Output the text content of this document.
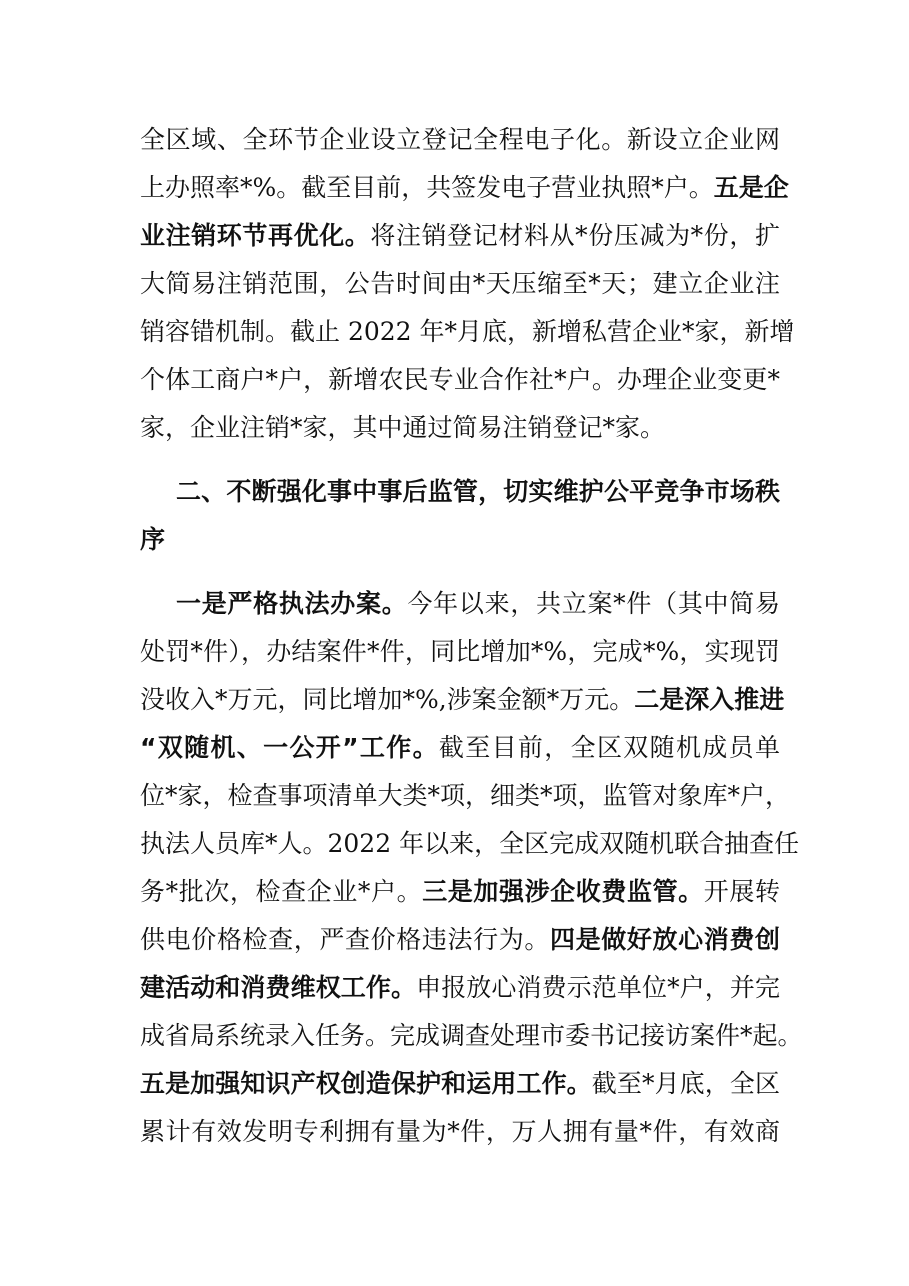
全区域、全环节企业设立登记全程电子化。新设立企业网
上办照率*%。截至目前，共签发电子营业执照*户。五是企
业注销环节再优化。将注销登记材料从*份压减为*份，扩
大简易注销范围，公告时间由*天压缩至*天；建立企业注
销容错机制。截止 2022 年*月底，新增私营企业*家，新增
个体工商户*户，新增农民专业合作社*户。办理企业变更*
家，企业注销*家，其中通过简易注销登记*家。
二、不断强化事中事后监管，切实维护公平竞争市场秩
序
一是严格执法办案。今年以来，共立案*件（其中简易
处罚*件），办结案件*件，同比增加*%，完成*%，实现罚
没收入*万元，同比增加*%,涉案金额*万元。二是深入推进
“双随机、一公开”工作。截至目前，全区双随机成员单
位*家，检查事项清单大类*项，细类*项，监管对象库*户，
执法人员库*人。2022 年以来，全区完成双随机联合抽查任
务*批次，检查企业*户。三是加强涉企收费监管。开展转
供电价格检查，严查价格违法行为。四是做好放心消费创
建活动和消费维权工作。申报放心消费示范单位*户，并完
成省局系统录入任务。完成调查处理市委书记接访案件*起。
五是加强知识产权创造保护和运用工作。截至*月底，全区
累计有效发明专利拥有量为*件，万人拥有量*件，有效商
